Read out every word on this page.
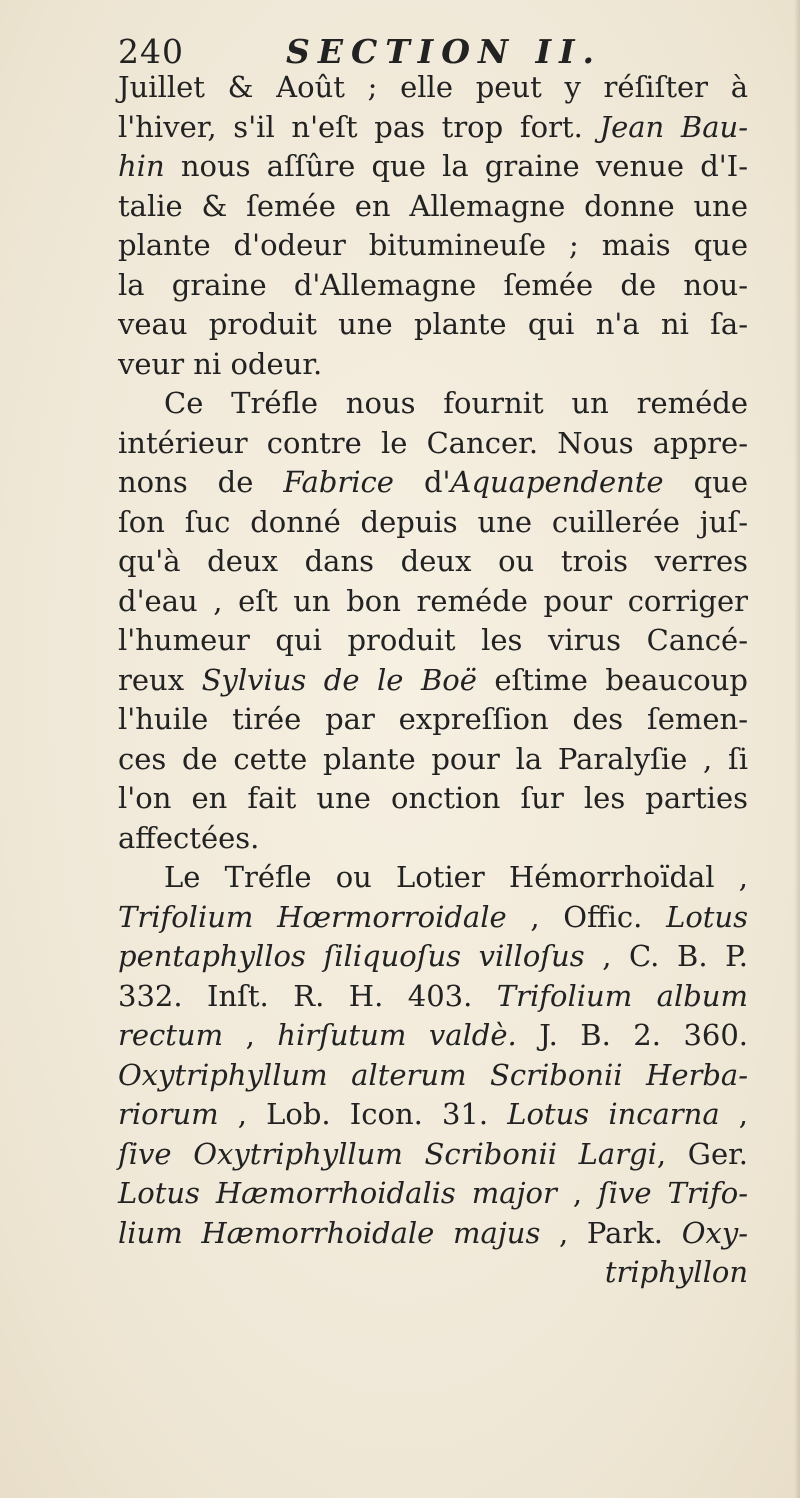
240	SECTION II.
Juillet & Août ; elle peut y réſiſter à
l'hiver, s'il n'eſt pas trop fort. Jean Bau-
hin nous aſſûre que la graine venue d'I-
talie & ſemée en Allemagne donne une
plante d'odeur bitumineuſe ; mais que
la graine d'Allemagne ſemée de nou-
veau produit une plante qui n'a ni ſa-
veur ni odeur.
Ce Tréfle nous fournit un reméde
intérieur contre le Cancer. Nous appre-
nons de Fabrice d'Aquapendente que
ſon ſuc donné depuis une cuillerée juſ-
qu'à deux dans deux ou trois verres
d'eau , eſt un bon reméde pour corriger
l'humeur qui produit les virus Cancé-
reux Sylvius de le Boë eſtime beaucoup
l'huile tirée par expreſſion des ſemen-
ces de cette plante pour la Paralyſie , ſi
l'on en fait une onction ſur les parties
affectées.
Le Tréfle ou Lotier Hémorrhoïdal ,
Trifolium Hœrmorroidale , Offic. Lotus
pentaphyllos ſiliquoſus villoſus , C. B. P.
332. Inſt. R. H. 403. Trifolium album
rectum , hirſutum valdè. J. B. 2. 360.
Oxytriphyllum alterum Scribonii Herba-
riorum , Lob. Icon. 31. Lotus incarna ,
ſive Oxytriphyllum Scribonii Largi, Ger.
Lotus Hæmorrhoidalis major , ſive Trifo-
lium Hæmorrhoidale majus , Park. Oxy-
triphyllon
